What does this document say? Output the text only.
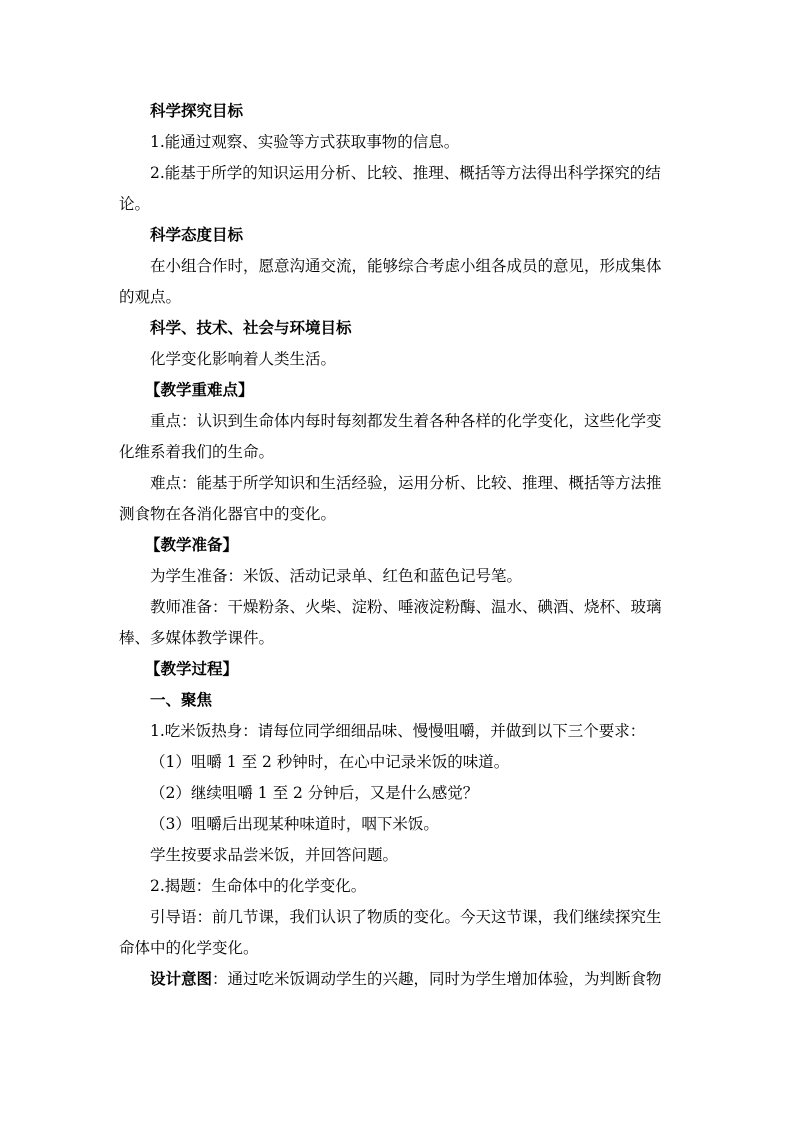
科学探究目标

1.能通过观察、实验等方式获取事物的信息。

2.能基于所学的知识运用分析、比较、推理、概括等方法得出科学探究的结

论。

科学态度目标

在小组合作时，愿意沟通交流，能够综合考虑小组各成员的意见，形成集体

的观点。

科学、技术、社会与环境目标

化学变化影响着人类生活。

【教学重难点】

重点：认识到生命体内每时每刻都发生着各种各样的化学变化，这些化学变

化维系着我们的生命。

难点：能基于所学知识和生活经验，运用分析、比较、推理、概括等方法推

测食物在各消化器官中的变化。

【教学准备】

为学生准备：米饭、活动记录单、红色和蓝色记号笔。

教师准备：干燥粉条、火柴、淀粉、唾液淀粉酶、温水、碘酒、烧杯、玻璃

棒、多媒体教学课件。

【教学过程】

一、聚焦

1.吃米饭热身：请每位同学细细品味、慢慢咀嚼，并做到以下三个要求：

（1）咀嚼 1 至 2 秒钟时，在心中记录米饭的味道。

（2）继续咀嚼 1 至 2 分钟后，又是什么感觉？

（3）咀嚼后出现某种味道时，咽下米饭。

学生按要求品尝米饭，并回答问题。

2.揭题：生命体中的化学变化。

引导语：前几节课，我们认识了物质的变化。今天这节课，我们继续探究生

命体中的化学变化。

设计意图：通过吃米饭调动学生的兴趣，同时为学生增加体验，为判断食物
